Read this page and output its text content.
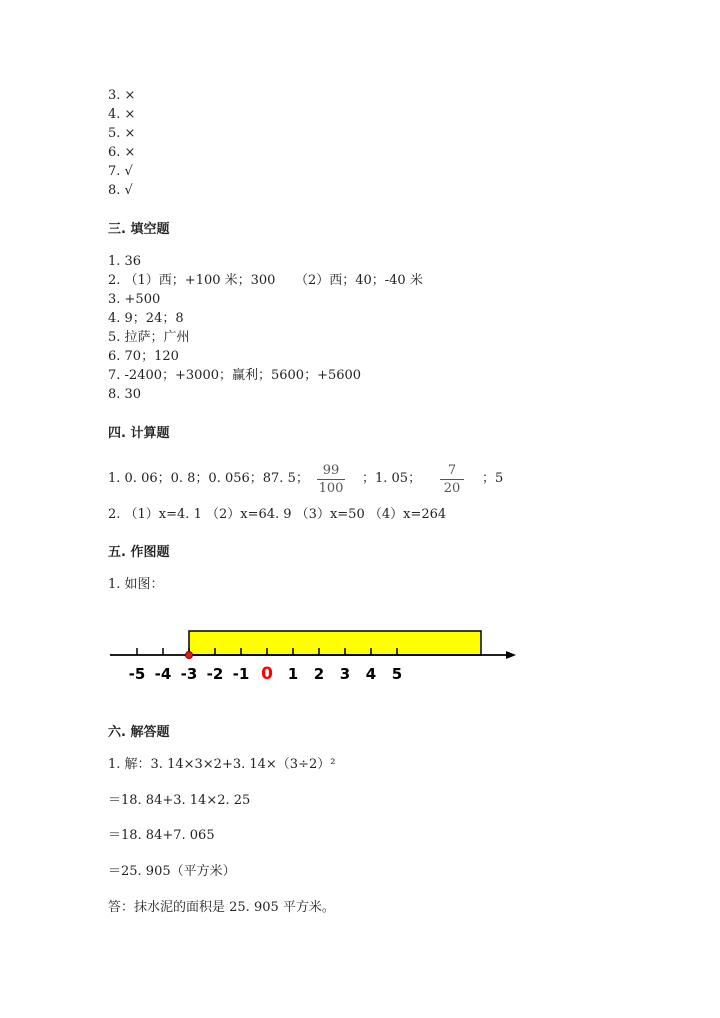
3. ×
4. ×
5. ×
6. ×
7. √
8. √
三. 填空题
1. 36
2. （1）西；+100 米；300　　（2）西；40；-40 米
3. +500
4. 9；24；8
5. 拉萨；广州
6. 70；120
7. -2400；+3000；赢利；5600；+5600
8. 30
四. 计算题
1. 0. 06；0. 8；0. 056；87. 5；
99
100
；1. 05；
7
20
；5
2. （1）x=4. 1 （2）x=64. 9 （3）x=50 （4）x=264
五. 作图题
1. 如图：
-5 -4 -3 -2 -1 0 1 2 3 4 5
六. 解答题
1. 解：3. 14×3×2+3. 14×（3÷2）²
＝18. 84+3. 14×2. 25
＝18. 84+7. 065
＝25. 905（平方米）
答：抹水泥的面积是 25. 905 平方米。
